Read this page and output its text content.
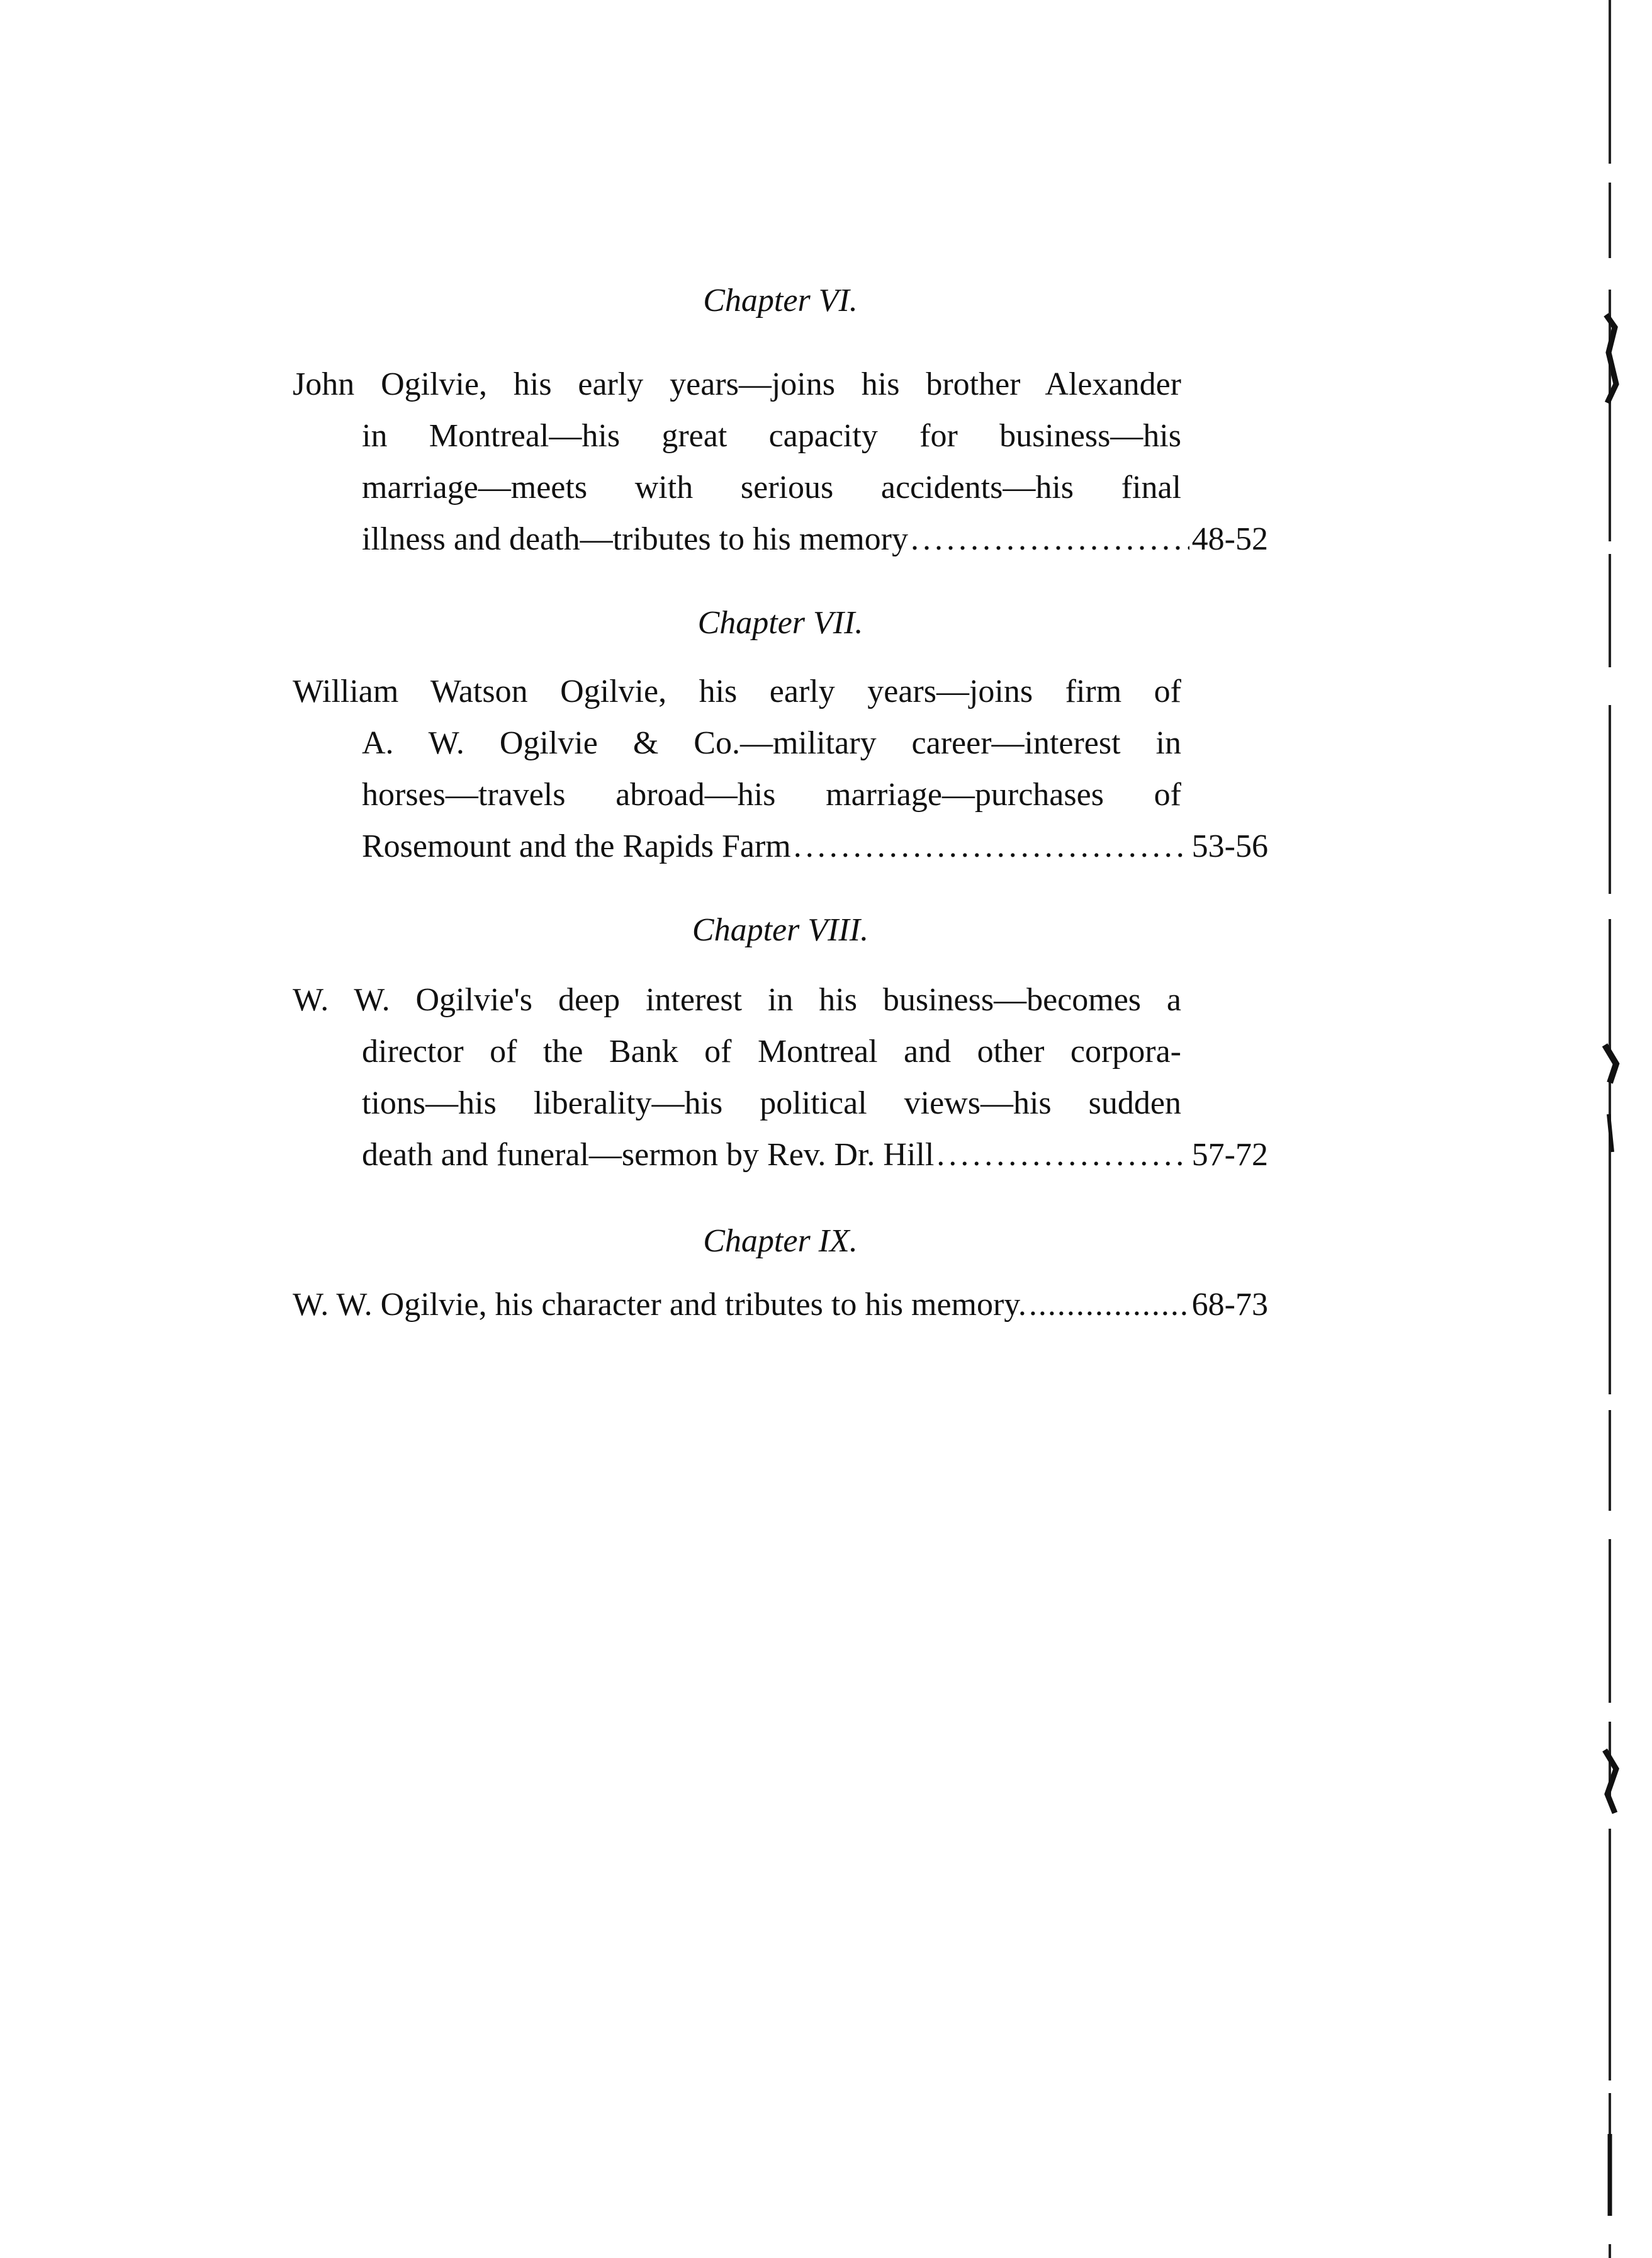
Chapter VI.
John Ogilvie, his early years—joins his brother Alexander
in Montreal—his great capacity for business—his
marriage—meets with serious accidents—his final
illness and death—tributes to his memory .....	48-52
Chapter VII.
William Watson Ogilvie, his early years—joins firm of
A. W. Ogilvie & Co.—military career—interest in
horses—travels abroad—his marriage—purchases of
Rosemount and the Rapids Farm .....	53-56
Chapter VIII.
W. W. Ogilvie's deep interest in his business—becomes a
director of the Bank of Montreal and other corpora-
tions—his liberality—his political views—his sudden
death and funeral—sermon by Rev. Dr. Hill .....	57-72
Chapter IX.
W. W. Ogilvie, his character and tributes to his memory. .....	68-73
